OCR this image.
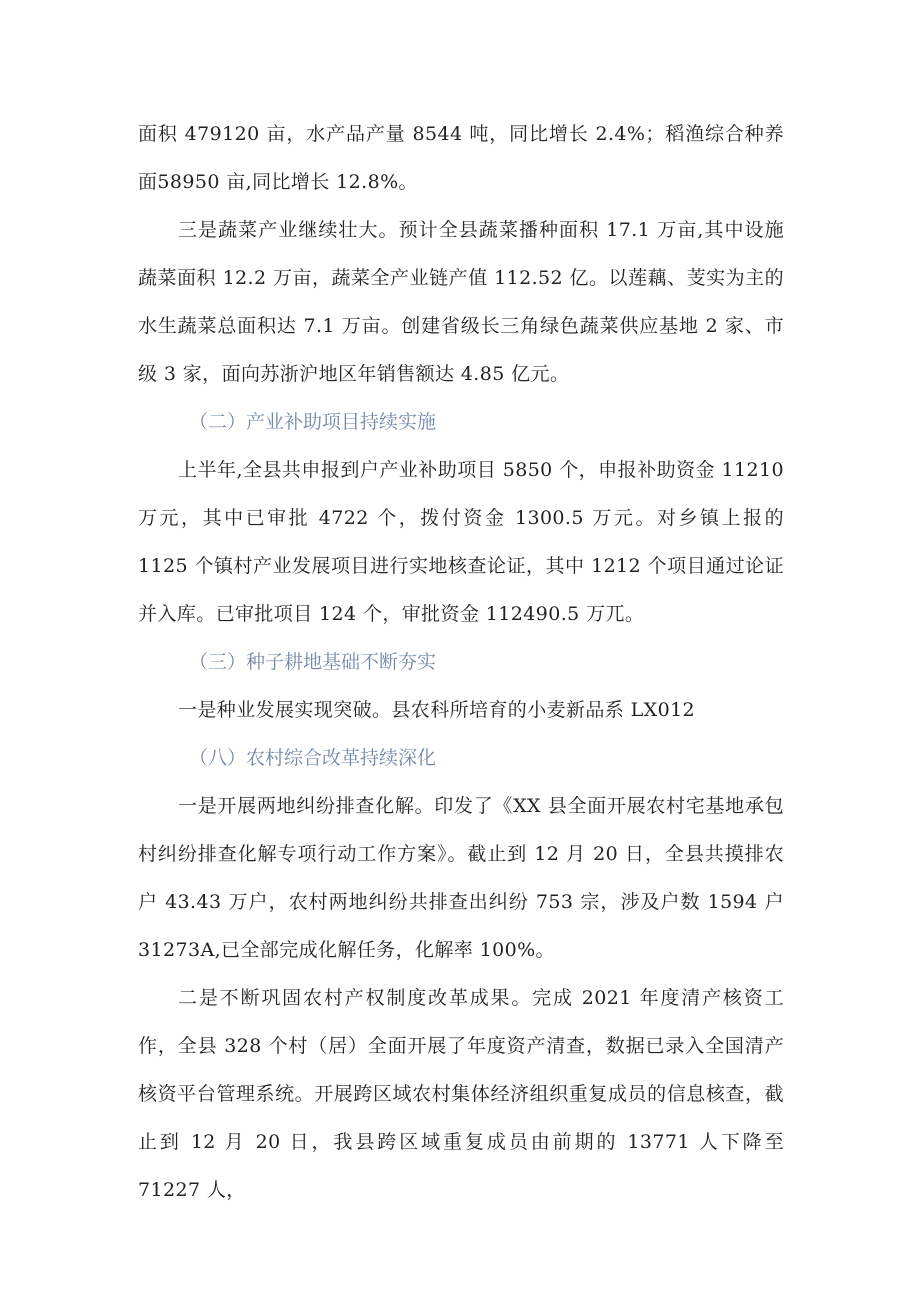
面积 479120 亩，水产品产量 8544 吨，同比增长 2.4%；稻渔综合种养面58950 亩,同比增长 12.8%。

三是蔬菜产业继续壮大。预计全县蔬菜播种面积 17.1 万亩,其中设施蔬菜面积 12.2 万亩，蔬菜全产业链产值 112.52 亿。以莲藕、芰实为主的水生蔬菜总面积达 7.1 万亩。创建省级长三角绿色蔬菜供应基地 2 家、市级 3 家，面向苏浙沪地区年销售额达 4.85 亿元。

（二）产业补助项目持续实施

上半年,全县共申报到户产业补助项目 5850 个，申报补助资金 11210 万元，其中已审批 4722 个，拨付资金 1300.5 万元。对乡镇上报的 1125 个镇村产业发展项目进行实地核查论证，其中 1212 个项目通过论证并入库。已审批项目 124 个，审批资金 112490.5 万兀。

（三）种子耕地基础不断夯实

一是种业发展实现突破。县农科所培育的小麦新品系 LX012

（八）农村综合改革持续深化

一是开展两地纠纷排查化解。印发了《XX 县全面开展农村宅基地承包村纠纷排查化解专项行动工作方案》。截止到 12 月 20 日，全县共摸排农户 43.43 万户，农村两地纠纷共排查出纠纷 753 宗，涉及户数 1594 户31273A,已全部完成化解任务，化解率 100%。

二是不断巩固农村产权制度改革成果。完成 2021 年度清产核资工作，全县 328 个村（居）全面开展了年度资产清查，数据已录入全国清产核资平台管理系统。开展跨区域农村集体经济组织重复成员的信息核查，截止到 12 月 20 日，我县跨区域重复成员由前期的 13771 人下降至 71227 人，
